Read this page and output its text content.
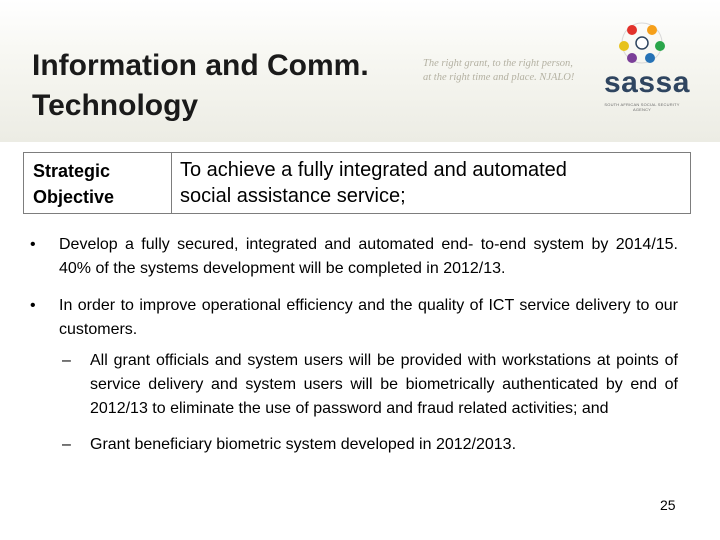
Information and Comm.
Technology
The right grant, to the right person,
at the right time and place. NJALO! sassa
SOUTH AFRICAN SOCIAL SECURITY AGENCY
Strategic
Objective
To achieve a fully integrated and automated
social assistance service;
• Develop a fully secured, integrated and automated end- to-end system by 2014/15. 40% of the systems development will be completed in 2012/13.
• In order to improve operational efficiency and the quality of ICT service delivery to our customers.
– All grant officials and system users will be provided with workstations at points of service delivery and system users will be biometrically authenticated by end of 2012/13 to eliminate the use of password and fraud related activities; and
– Grant beneficiary biometric system developed in 2012/2013.
25
